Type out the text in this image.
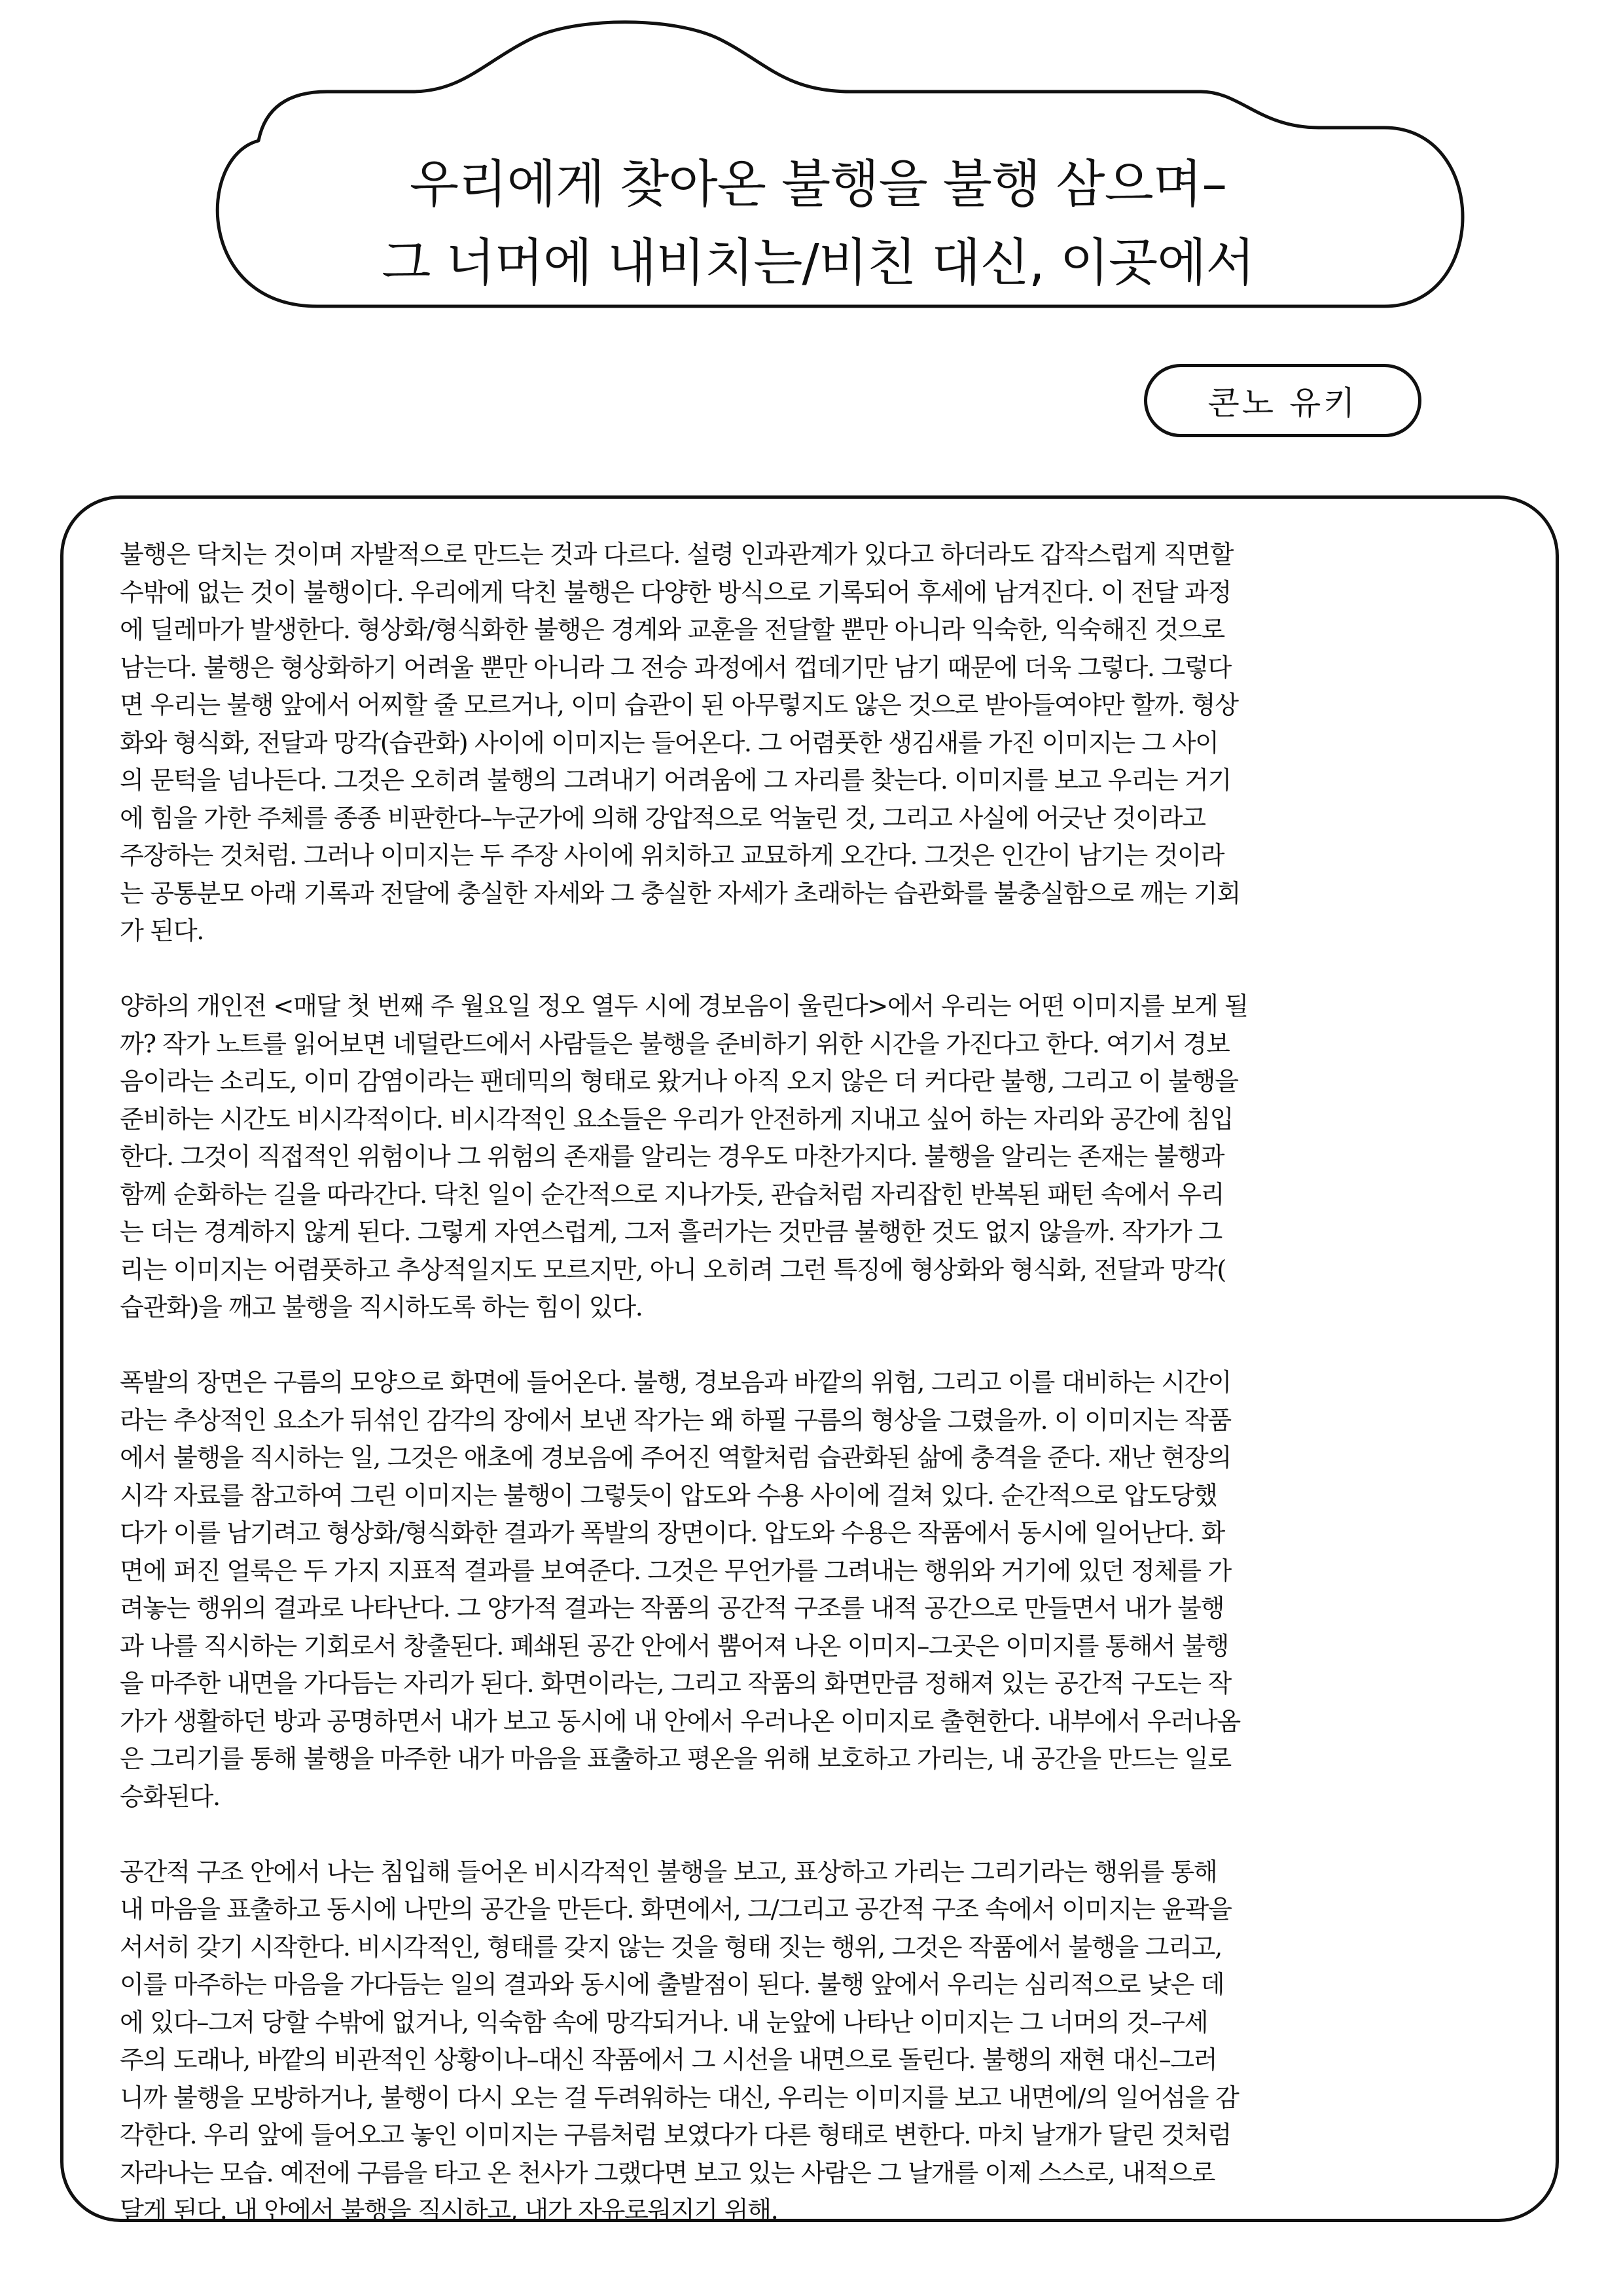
우리에게 찾아온 불행을 불행 삼으며–
그 너머에 내비치는/비친 대신, 이곳에서
콘노 유키

불행은 닥치는 것이며 자발적으로 만드는 것과 다르다. 설령 인과관계가 있다고 하더라도 갑작스럽게 직면할
수밖에 없는 것이 불행이다. 우리에게 닥친 불행은 다양한 방식으로 기록되어 후세에 남겨진다. 이 전달 과정
에 딜레마가 발생한다. 형상화/형식화한 불행은 경계와 교훈을 전달할 뿐만 아니라 익숙한, 익숙해진 것으로
남는다. 불행은 형상화하기 어려울 뿐만 아니라 그 전승 과정에서 껍데기만 남기 때문에 더욱 그렇다. 그렇다
면 우리는 불행 앞에서 어찌할 줄 모르거나, 이미 습관이 된 아무렇지도 않은 것으로 받아들여야만 할까. 형상
화와 형식화, 전달과 망각(습관화) 사이에 이미지는 들어온다. 그 어렴풋한 생김새를 가진 이미지는 그 사이
의 문턱을 넘나든다. 그것은 오히려 불행의 그려내기 어려움에 그 자리를 찾는다. 이미지를 보고 우리는 거기
에 힘을 가한 주체를 종종 비판한다–누군가에 의해 강압적으로 억눌린 것, 그리고 사실에 어긋난 것이라고
주장하는 것처럼. 그러나 이미지는 두 주장 사이에 위치하고 교묘하게 오간다. 그것은 인간이 남기는 것이라
는 공통분모 아래 기록과 전달에 충실한 자세와 그 충실한 자세가 초래하는 습관화를 불충실함으로 깨는 기회
가 된다.

양하의 개인전 <매달 첫 번째 주 월요일 정오 열두 시에 경보음이 울린다>에서 우리는 어떤 이미지를 보게 될
까? 작가 노트를 읽어보면 네덜란드에서 사람들은 불행을 준비하기 위한 시간을 가진다고 한다. 여기서 경보
음이라는 소리도, 이미 감염이라는 팬데믹의 형태로 왔거나 아직 오지 않은 더 커다란 불행, 그리고 이 불행을
준비하는 시간도 비시각적이다. 비시각적인 요소들은 우리가 안전하게 지내고 싶어 하는 자리와 공간에 침입
한다. 그것이 직접적인 위험이나 그 위험의 존재를 알리는 경우도 마찬가지다. 불행을 알리는 존재는 불행과
함께 순화하는 길을 따라간다. 닥친 일이 순간적으로 지나가듯, 관습처럼 자리잡힌 반복된 패턴 속에서 우리
는 더는 경계하지 않게 된다. 그렇게 자연스럽게, 그저 흘러가는 것만큼 불행한 것도 없지 않을까. 작가가 그
리는 이미지는 어렴풋하고 추상적일지도 모르지만, 아니 오히려 그런 특징에 형상화와 형식화, 전달과 망각(
습관화)을 깨고 불행을 직시하도록 하는 힘이 있다.

폭발의 장면은 구름의 모양으로 화면에 들어온다. 불행, 경보음과 바깥의 위험, 그리고 이를 대비하는 시간이
라는 추상적인 요소가 뒤섞인 감각의 장에서 보낸 작가는 왜 하필 구름의 형상을 그렸을까. 이 이미지는 작품
에서 불행을 직시하는 일, 그것은 애초에 경보음에 주어진 역할처럼 습관화된 삶에 충격을 준다. 재난 현장의
시각 자료를 참고하여 그린 이미지는 불행이 그렇듯이 압도와 수용 사이에 걸쳐 있다. 순간적으로 압도당했
다가 이를 남기려고 형상화/형식화한 결과가 폭발의 장면이다. 압도와 수용은 작품에서 동시에 일어난다. 화
면에 퍼진 얼룩은 두 가지 지표적 결과를 보여준다. 그것은 무언가를 그려내는 행위와 거기에 있던 정체를 가
려놓는 행위의 결과로 나타난다. 그 양가적 결과는 작품의 공간적 구조를 내적 공간으로 만들면서 내가 불행
과 나를 직시하는 기회로서 창출된다. 폐쇄된 공간 안에서 뿜어져 나온 이미지–그곳은 이미지를 통해서 불행
을 마주한 내면을 가다듬는 자리가 된다. 화면이라는, 그리고 작품의 화면만큼 정해져 있는 공간적 구도는 작
가가 생활하던 방과 공명하면서 내가 보고 동시에 내 안에서 우러나온 이미지로 출현한다. 내부에서 우러나옴
은 그리기를 통해 불행을 마주한 내가 마음을 표출하고 평온을 위해 보호하고 가리는, 내 공간을 만드는 일로
승화된다.

공간적 구조 안에서 나는 침입해 들어온 비시각적인 불행을 보고, 표상하고 가리는 그리기라는 행위를 통해
내 마음을 표출하고 동시에 나만의 공간을 만든다. 화면에서, 그/그리고 공간적 구조 속에서 이미지는 윤곽을
서서히 갖기 시작한다. 비시각적인, 형태를 갖지 않는 것을 형태 짓는 행위, 그것은 작품에서 불행을 그리고,
이를 마주하는 마음을 가다듬는 일의 결과와 동시에 출발점이 된다. 불행 앞에서 우리는 심리적으로 낮은 데
에 있다–그저 당할 수밖에 없거나, 익숙함 속에 망각되거나. 내 눈앞에 나타난 이미지는 그 너머의 것–구세
주의 도래나, 바깥의 비관적인 상황이나–대신 작품에서 그 시선을 내면으로 돌린다. 불행의 재현 대신–그러
니까 불행을 모방하거나, 불행이 다시 오는 걸 두려워하는 대신, 우리는 이미지를 보고 내면에/의 일어섬을 감
각한다. 우리 앞에 들어오고 놓인 이미지는 구름처럼 보였다가 다른 형태로 변한다. 마치 날개가 달린 것처럼
자라나는 모습. 예전에 구름을 타고 온 천사가 그랬다면 보고 있는 사람은 그 날개를 이제 스스로, 내적으로
달게 된다. 내 안에서 불행을 직시하고, 내가 자유로워지기 위해.
